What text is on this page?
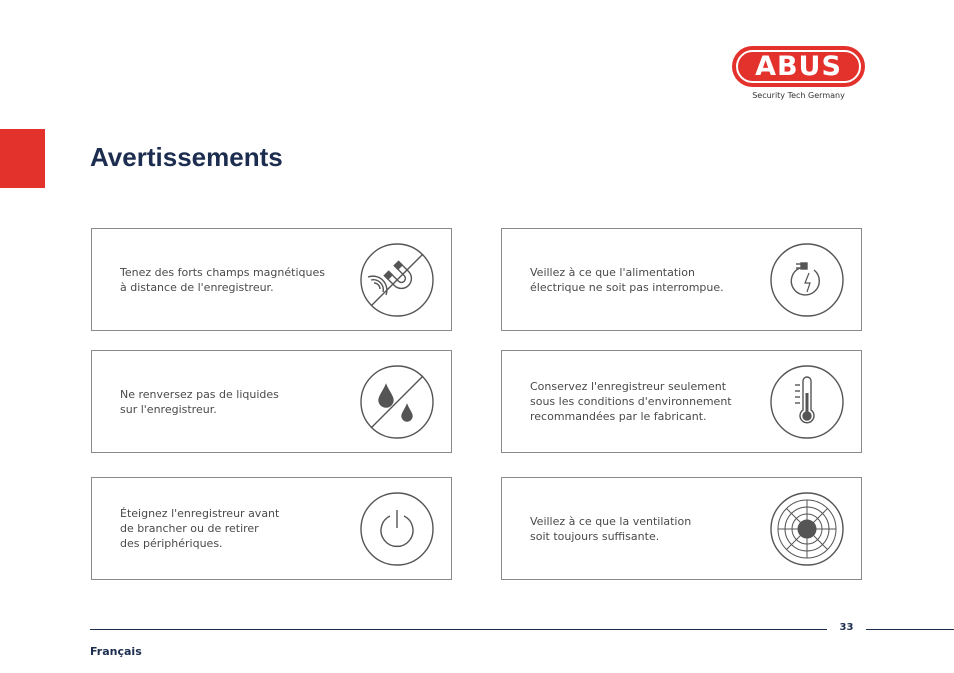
ABUS
Security Tech Germany
Avertissements
Tenez des forts champs magnétiques
à distance de l'enregistreur.
Veillez à ce que l'alimentation
électrique ne soit pas interrompue.
Ne renversez pas de liquides
sur l'enregistreur.
Conservez l'enregistreur seulement
sous les conditions d'environnement
recommandées par le fabricant.
Éteignez l'enregistreur avant
de brancher ou de retirer
des périphériques.
Veillez à ce que la ventilation
soit toujours suffisante.
33
Français
